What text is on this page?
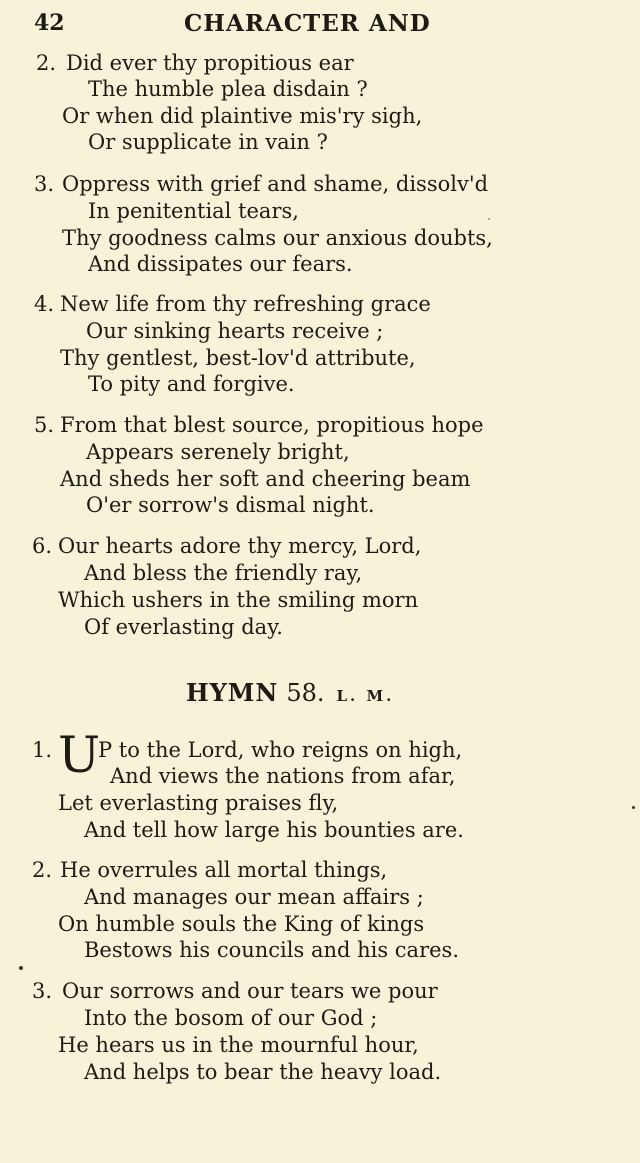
42	CHARACTER AND
2. Did ever thy propitious ear
The humble plea disdain ?
Or when did plaintive mis'ry sigh,
Or supplicate in vain ?
3. Oppress with grief and shame, dissolv'd
In penitential tears,
Thy goodness calms our anxious doubts,
And dissipates our fears.
4. New life from thy refreshing grace
Our sinking hearts receive ;
Thy gentlest, best-lov'd attribute,
To pity and forgive.
5. From that blest source, propitious hope
Appears serenely bright,
And sheds her soft and cheering beam
O'er sorrow's dismal night.
6. Our hearts adore thy mercy, Lord,
And bless the friendly ray,
Which ushers in the smiling morn
Of everlasting day.
HYMN 58. L. M.
1. P to the Lord, who reigns on high,
And views the nations from afar,
Let everlasting praises fly,
And tell how large his bounties are.
2. He overrules all mortal things,
And manages our mean affairs ;
On humble souls the King of kings
Bestows his councils and his cares.
3. Our sorrows and our tears we pour
Into the bosom of our God ;
He hears us in the mournful hour,
And helps to bear the heavy load.
U
